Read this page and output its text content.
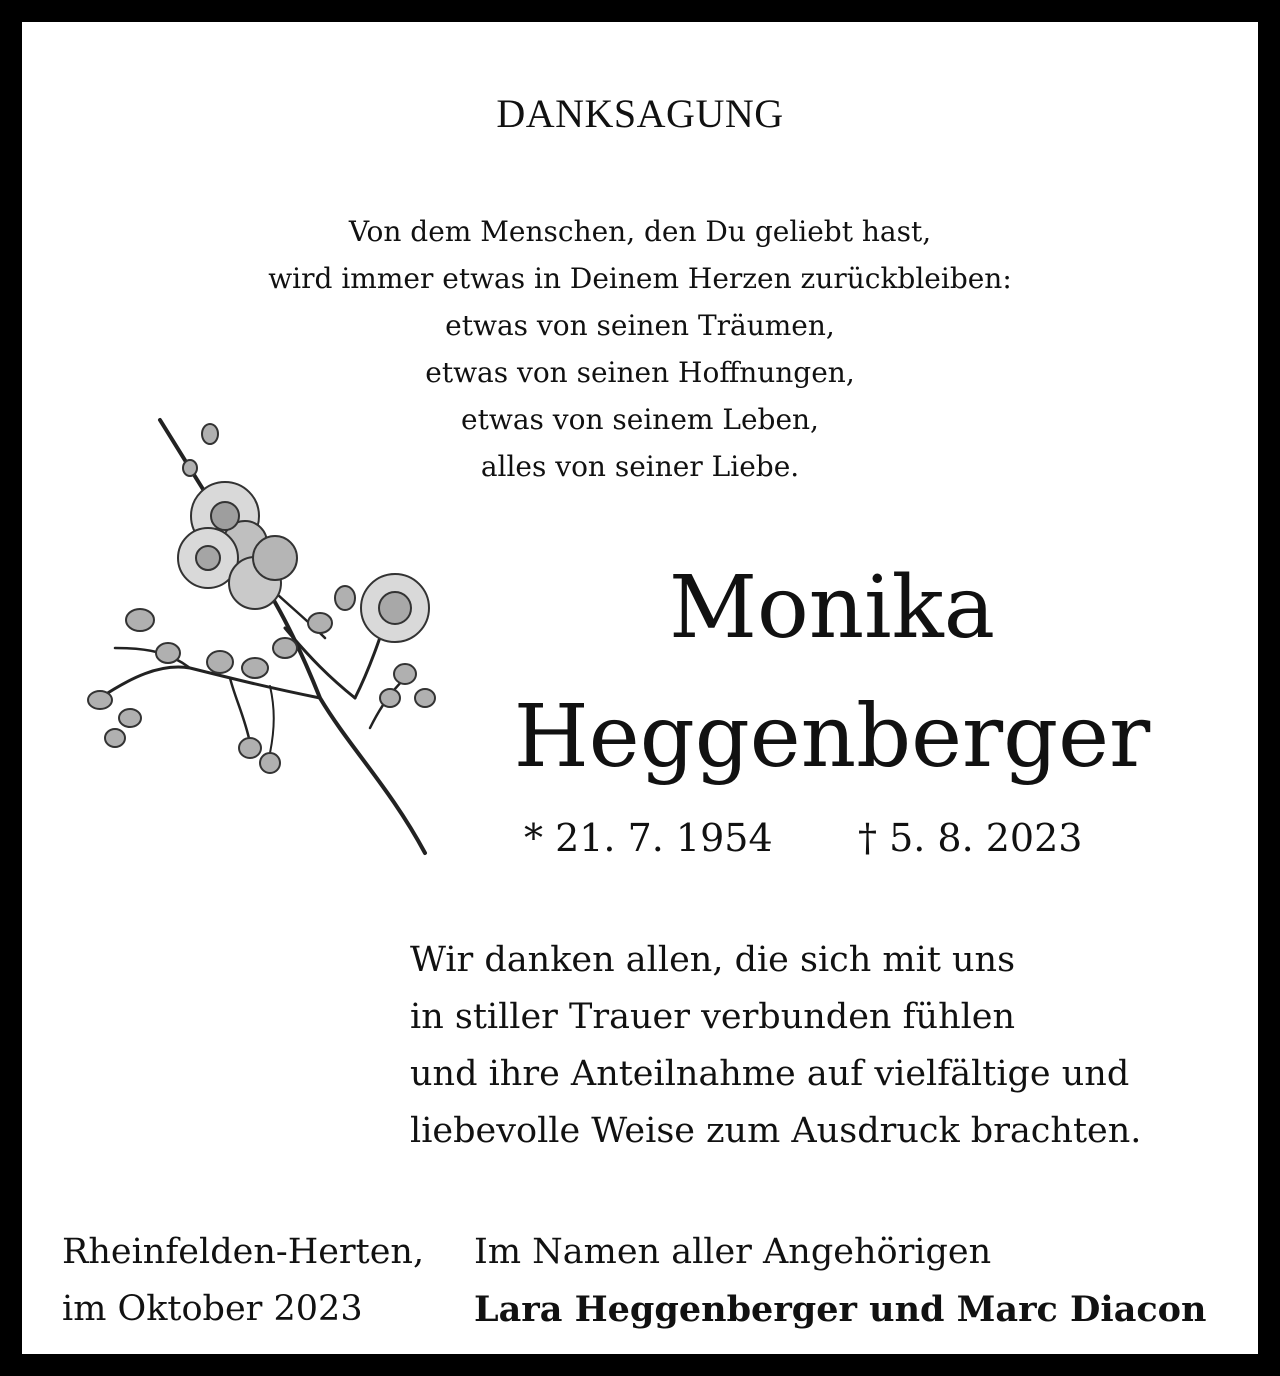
DANKSAGUNG
Von dem Menschen, den Du geliebt hast,
wird immer etwas in Deinem Herzen zurückbleiben:
etwas von seinen Träumen,
etwas von seinen Hoffnungen,
etwas von seinem Leben,
alles von seiner Liebe.
Monika
Heggenberger
* 21. 7. 1954 † 5. 8. 2023
Wir danken allen, die sich mit uns
in stiller Trauer verbunden fühlen
und ihre Anteilnahme auf vielfältige und
liebevolle Weise zum Ausdruck brachten.
Rheinfelden-Herten,
im Oktober 2023
Im Namen aller Angehörigen
Lara Heggenberger und Marc Diacon
